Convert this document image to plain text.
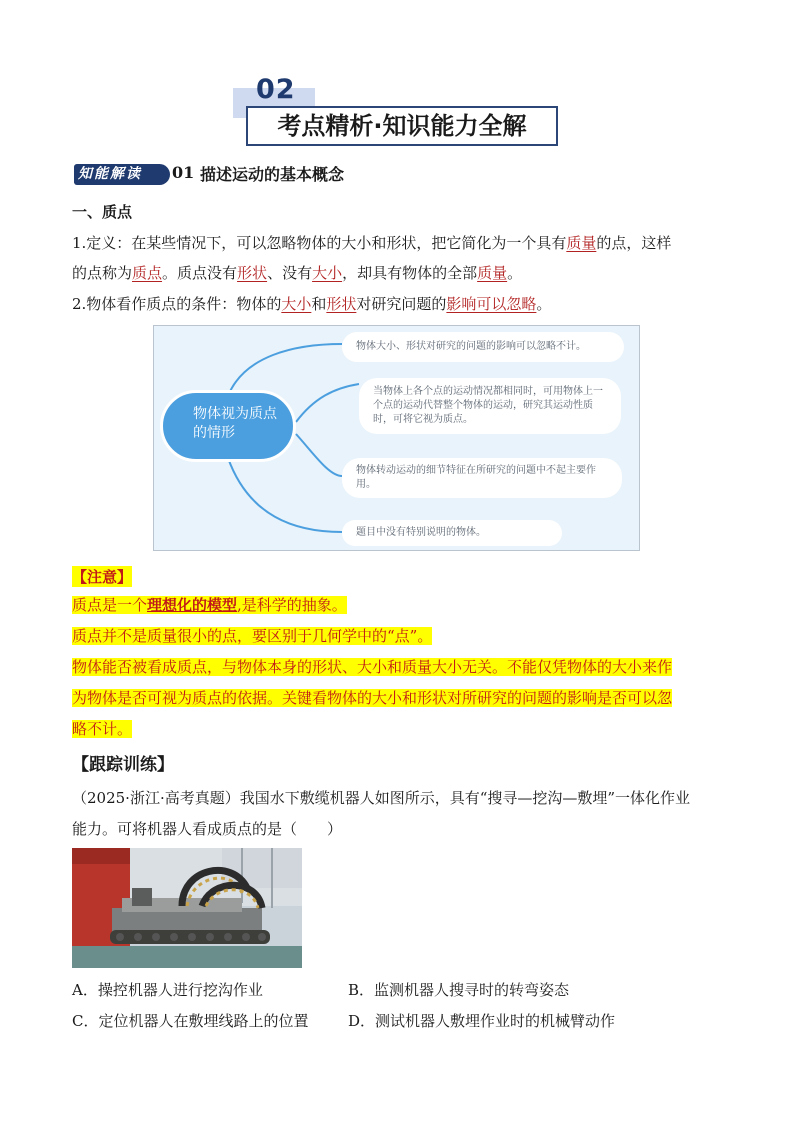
02
考点精析·知识能力全解
知能解读	01 描述运动的基本概念
一、质点
1.定义：在某些情况下，可以忽略物体的大小和形状，把它简化为一个具有质量的点，这样
的点称为质点。质点没有形状、没有大小，却具有物体的全部质量。
2.物体看作质点的条件：物体的大小和形状对研究问题的影响可以忽略。
物体视为质点的情形
物体大小、形状对研究的问题的影响可以忽略不计。
当物体上各个点的运动情况都相同时，可用物体上一个点的运动代替整个物体的运动，研究其运动性质时，可将它视为质点。
物体转动运动的细节特征在所研究的问题中不起主要作用。
题目中没有特别说明的物体。
【注意】
质点是一个理想化的模型,是科学的抽象。
质点并不是质量很小的点，要区别于几何学中的“点”。
物体能否被看成质点，与物体本身的形状、大小和质量大小无关。不能仅凭物体的大小来作
为物体是否可视为质点的依据。关键看物体的大小和形状对所研究的问题的影响是否可以忽
略不计。
【跟踪训练】
（2025·浙江·高考真题）我国水下敷缆机器人如图所示，具有“搜寻—挖沟—敷埋”一体化作业
能力。可将机器人看成质点的是（　　）
A．操控机器人进行挖沟作业	B．监测机器人搜寻时的转弯姿态
C．定位机器人在敷埋线路上的位置	D．测试机器人敷埋作业时的机械臂动作
